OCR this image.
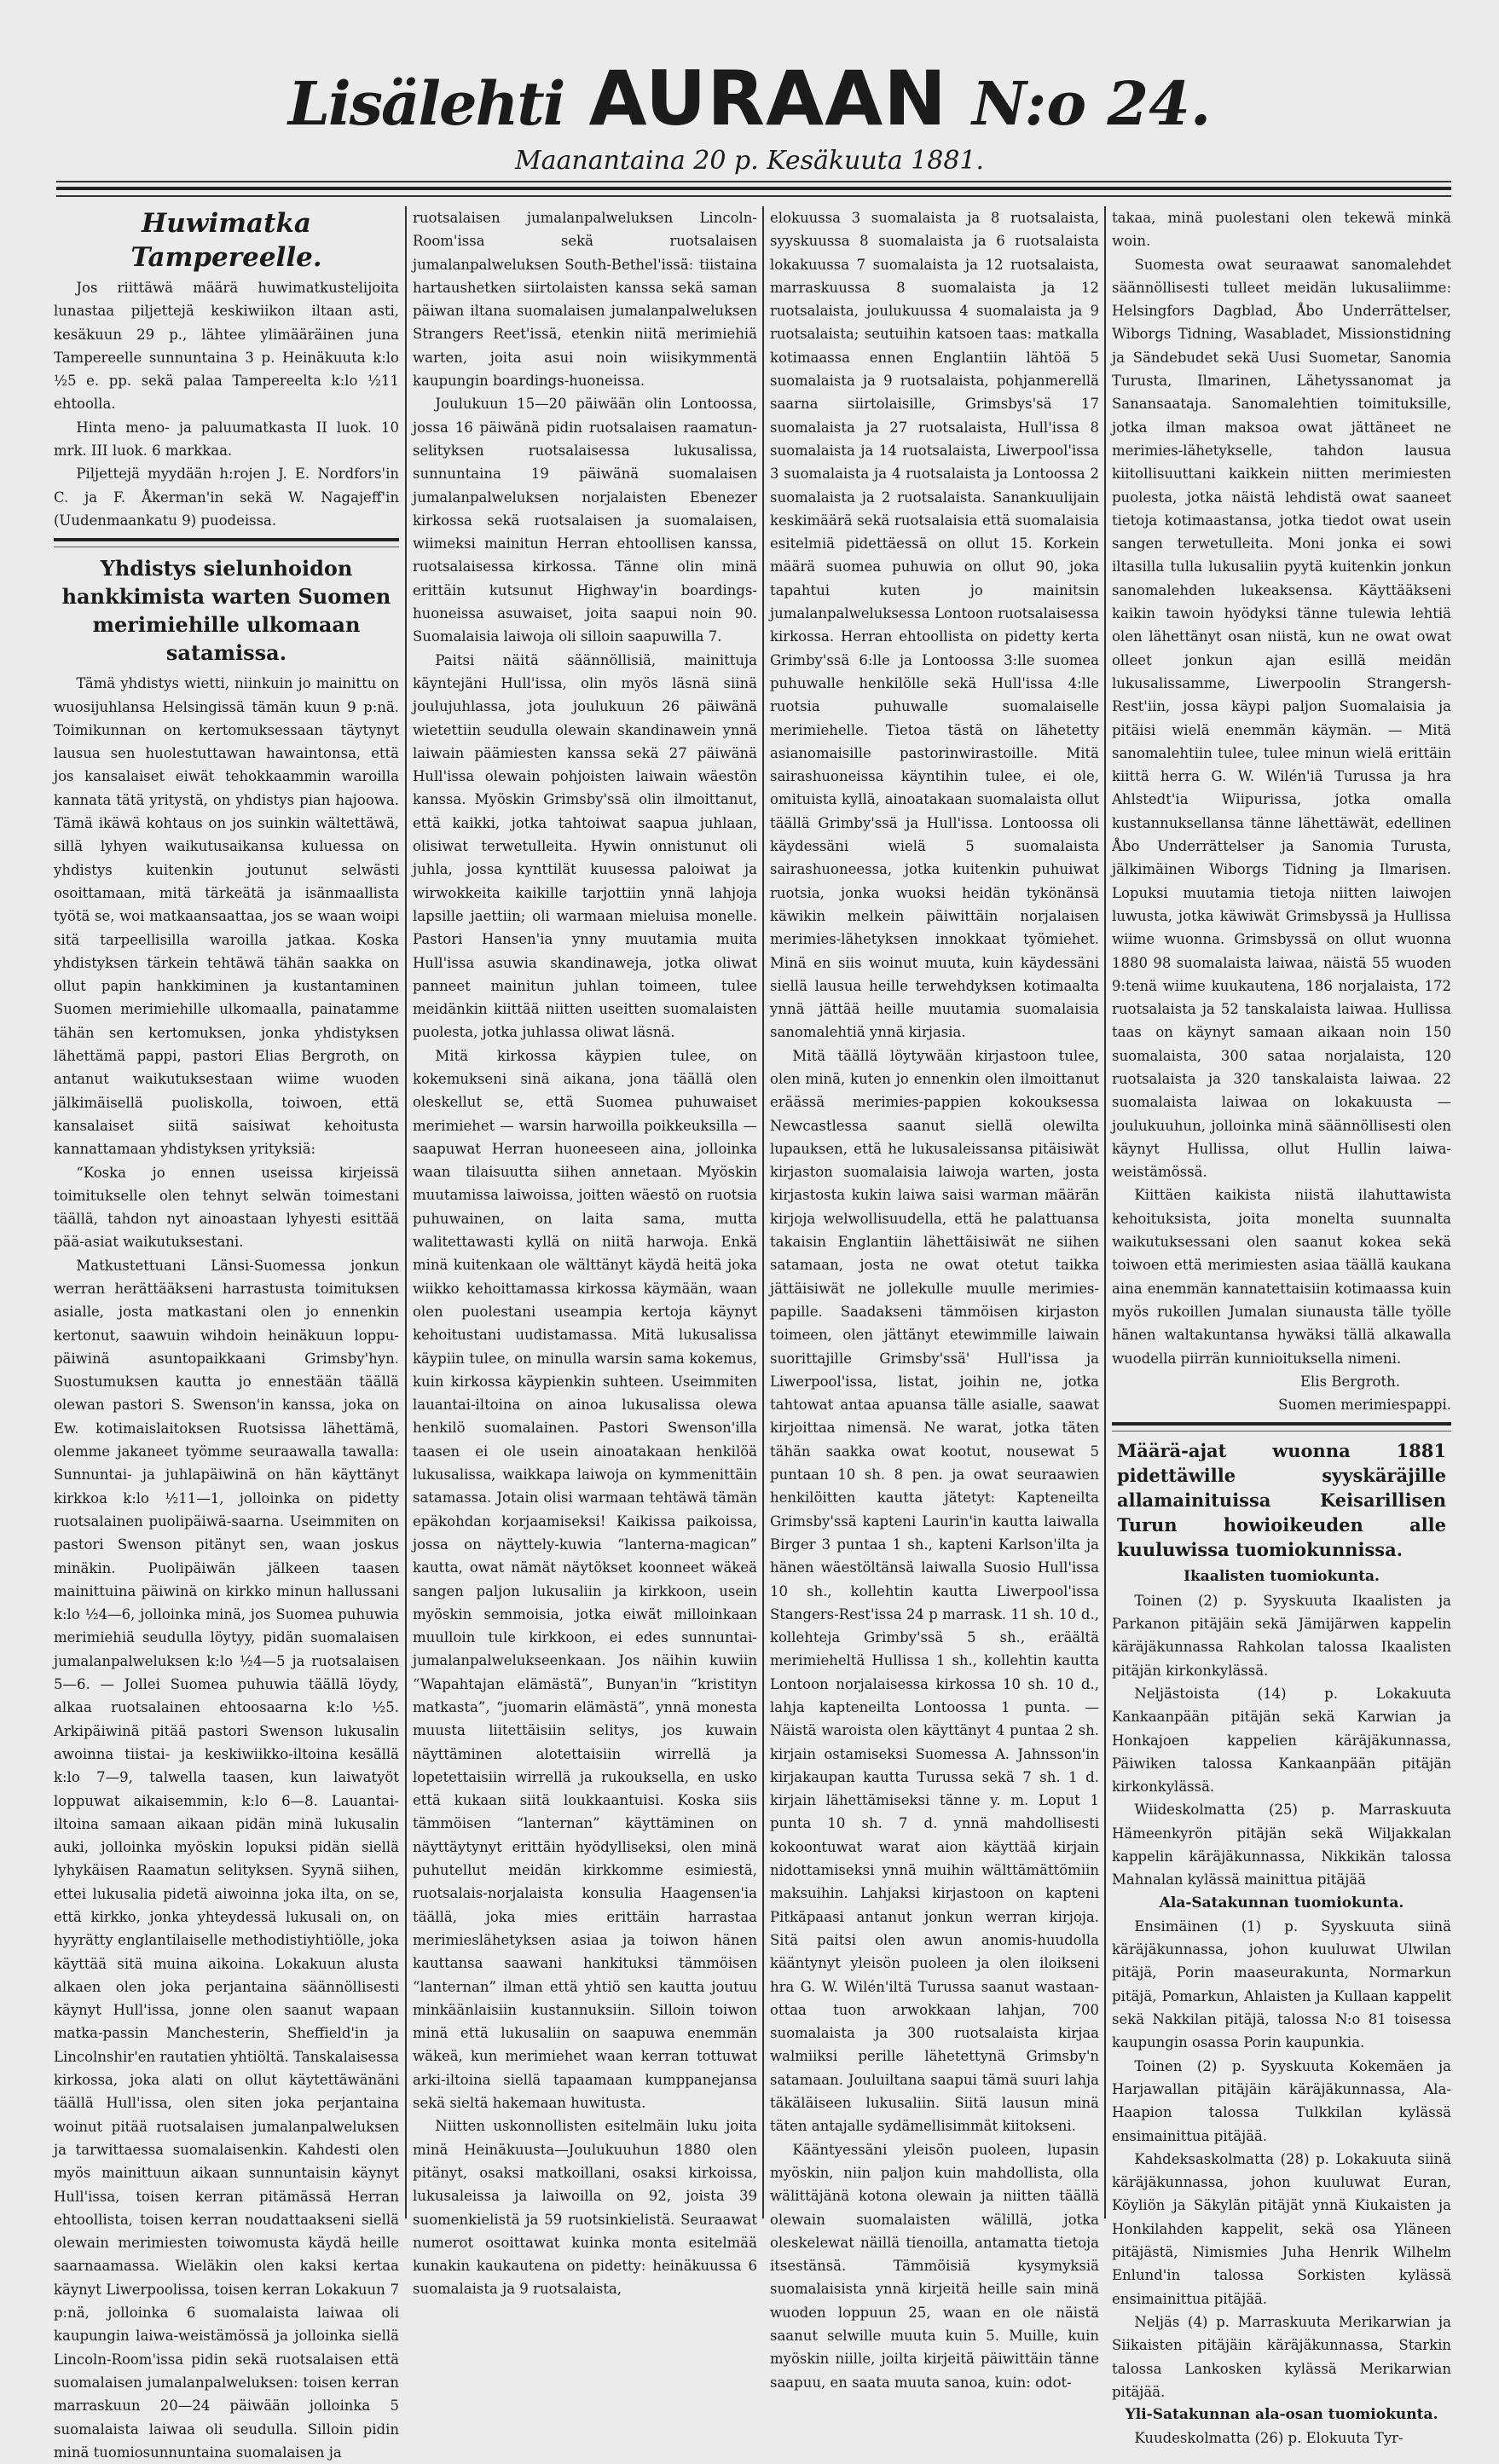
Lisälehti AURAAN N:o 24.
Maanantaina 20 p. Kesäkuuta 1881.
Huwimatka Tampereelle.

Jos riittäwä määrä huwimatkustelijoita lunastaa piljettejä keskiwiikon iltaan asti, kesäkuun 29 p., lähtee ylimääräinen juna Tampereelle sunnuntaina 3 p. Heinäkuuta k:lo ½5 e. pp. sekä palaa Tampereelta k:lo ½11 ehtoolla.

Hinta meno- ja paluumatkasta II luok. 10 mrk. III luok. 6 markkaa.

Piljettejä myydään h:rojen J. E. Nordfors'in C. ja F. Åkerman'in sekä W. Nagajeff'in (Uudenmaankatu 9) puodeissa.

Yhdistys sielunhoidon hankkimista warten Suomen merimiehille ulkomaan satamissa.

Tämä yhdistys wietti, niinkuin jo mainittu on wuosijuhlansa Helsingissä tämän kuun 9 p:nä. Toimikunnan on kertomuksessaan täytynyt lausua sen huolestuttawan hawaintonsa, että jos kansalaiset eiwät tehokkaammin waroilla kannata tätä yritystä, on yhdistys pian hajoowa. Tämä ikäwä kohtaus on jos suinkin wältettäwä, sillä lyhyen waikutusaikansa kuluessa on yhdistys kuitenkin joutunut selwästi osoittamaan, mitä tärkeätä ja isänmaallista työtä se, woi matkaansaattaa, jos se waan woipi sitä tarpeellisilla waroilla jatkaa. Koska yhdistyksen tärkein tehtäwä tähän saakka on ollut papin hankkiminen ja kustantaminen Suomen merimiehille ulkomaalla, painatamme tähän sen kertomuksen, jonka yhdistyksen lähettämä pappi, pastori Elias Bergroth, on antanut waikutuksestaan wiime wuoden jälkimäisellä puoliskolla, toiwoen, että kansalaiset siitä saisiwat kehoitusta kannattamaan yhdistyksen yrityksiä:

“Koska jo ennen useissa kirjeissä toimitukselle olen tehnyt selwän toimestani täällä, tahdon nyt ainoastaan lyhyesti esittää pää-asiat waikutuksestani.

Matkustettuani Länsi-Suomessa jonkun werran herättääkseni harrastusta toimituksen asialle, josta matkastani olen jo ennenkin kertonut, saawuin wihdoin heinäkuun loppu-päiwinä asuntopaikkaani Grimsby'hyn. Suostumuksen kautta jo ennestään täällä olewan pastori S. Swenson'in kanssa, joka on Ew. kotimaislaitoksen Ruotsissa lähettämä, olemme jakaneet työmme seuraawalla tawalla: Sunnuntai- ja juhlapäiwinä on hän käyttänyt kirkkoa k:lo ½11—1, jolloinka on pidetty ruotsalainen puolipäiwä-saarna. Useimmiten on pastori Swenson pitänyt sen, waan joskus minäkin. Puolipäiwän jälkeen taasen mainittuina päiwinä on kirkko minun hallussani k:lo ½4—6, jolloinka minä, jos Suomea puhuwia merimiehiä seudulla löytyy, pidän suomalaisen jumalanpalweluksen k:lo ½4—5 ja ruotsalaisen 5—6. — Jollei Suomea puhuwia täällä löydy, alkaa ruotsalainen ehtoosaarna k:lo ½5. Arkipäiwinä pitää pastori Swenson lukusalin awoinna tiistai- ja keskiwiikko-iltoina kesällä k:lo 7—9, talwella taasen, kun laiwatyöt loppuwat aikaisemmin, k:lo 6—8. Lauantai-iltoina samaan aikaan pidän minä lukusalin auki, jolloinka myöskin lopuksi pidän siellä lyhykäisen Raamatun selityksen. Syynä siihen, ettei lukusalia pidetä aiwoinna joka ilta, on se, että kirkko, jonka yhteydessä lukusali on, on hyyrätty englantilaiselle methodistiyhtiölle, joka käyttää sitä muina aikoina. Lokakuun alusta alkaen olen joka perjantaina säännöllisesti käynyt Hull'issa, jonne olen saanut wapaan matka-passin Manchesterin, Sheffield'in ja Lincolnshir'en rautatien yhtiöltä. Tanskalaisessa kirkossa, joka alati on ollut käytettäwänäni täällä Hull'issa, olen siten joka perjantaina woinut pitää ruotsalaisen jumalanpalweluksen ja tarwittaessa suomalaisenkin. Kahdesti olen myös mainittuun aikaan sunnuntaisin käynyt Hull'issa, toisen kerran pitämässä Herran ehtoollista, toisen kerran noudattaakseni siellä olewain merimiesten toiwomusta käydä heille saarnaamassa. Wieläkin olen kaksi kertaa käynyt Liwerpoolissa, toisen kerran Lokakuun 7 p:nä, jolloinka 6 suomalaista laiwaa oli kaupungin laiwa-weistämössä ja jolloinka siellä Lincoln-Room'issa pidin sekä ruotsalaisen että suomalaisen jumalanpalweluksen: toisen kerran marraskuun 20—24 päiwään jolloinka 5 suomalaista laiwaa oli seudulla. Silloin pidin minä tuomiosunnuntaina suomalaisen ja

ruotsalaisen jumalanpalweluksen Lincoln-Room'issa sekä ruotsalaisen jumalanpalweluksen South-Bethel'issä: tiistaina hartaushetken siirtolaisten kanssa sekä saman päiwan iltana suomalaisen jumalanpalweluksen Strangers Reet'issä, etenkin niitä merimiehiä warten, joita asui noin wiisikymmentä kaupungin boardings-huoneissa.

Joulukuun 15—20 päiwään olin Lontoossa, jossa 16 päiwänä pidin ruotsalaisen raamatun-selityksen ruotsalaisessa lukusalissa, sunnuntaina 19 päiwänä suomalaisen jumalanpalweluksen norjalaisten Ebenezer kirkossa sekä ruotsalaisen ja suomalaisen, wiimeksi mainitun Herran ehtoollisen kanssa, ruotsalaisessa kirkossa. Tänne olin minä erittäin kutsunut Highway'in boardings-huoneissa asuwaiset, joita saapui noin 90. Suomalaisia laiwoja oli silloin saapuwilla 7.

Paitsi näitä säännöllisiä, mainittuja käyntejäni Hull'issa, olin myös läsnä siinä joulujuhlassa, jota joulukuun 26 päiwänä wietettiin seudulla olewain skandinawein ynnä laiwain päämiesten kanssa sekä 27 päiwänä Hull'issa olewain pohjoisten laiwain wäestön kanssa. Myöskin Grimsby'ssä olin ilmoittanut, että kaikki, jotka tahtoiwat saapua juhlaan, olisiwat terwetulleita. Hywin onnistunut oli juhla, jossa kynttilät kuusessa paloiwat ja wirwokkeita kaikille tarjottiin ynnä lahjoja lapsille jaettiin; oli warmaan mieluisa monelle. Pastori Hansen'ia ynny muutamia muita Hull'issa asuwia skandinaweja, jotka oliwat panneet mainitun juhlan toimeen, tulee meidänkin kiittää niitten useitten suomalaisten puolesta, jotka juhlassa oliwat läsnä.

Mitä kirkossa käypien tulee, on kokemukseni sinä aikana, jona täällä olen oleskellut se, että Suomea puhuwaiset merimiehet — warsin harwoilla poikkeuksilla — saapuwat Herran huoneeseen aina, jolloinka waan tilaisuutta siihen annetaan. Myöskin muutamissa laiwoissa, joitten wäestö on ruotsia puhuwainen, on laita sama, mutta walitettawasti kyllä on niitä harwoja. Enkä minä kuitenkaan ole wälttänyt käydä heitä joka wiikko kehoittamassa kirkossa käymään, waan olen puolestani useampia kertoja käynyt kehoitustani uudistamassa. Mitä lukusalissa käypiin tulee, on minulla warsin sama kokemus, kuin kirkossa käypienkin suhteen. Useimmiten lauantai-iltoina on ainoa lukusalissa olewa henkilö suomalainen. Pastori Swenson'illa taasen ei ole usein ainoatakaan henkilöä lukusalissa, waikkapa laiwoja on kymmenittäin satamassa. Jotain olisi warmaan tehtäwä tämän epäkohdan korjaamiseksi! Kaikissa paikoissa, jossa on näyttely-kuwia “lanterna-magican” kautta, owat nämät näytökset koonneet wäkeä sangen paljon lukusaliin ja kirkkoon, usein myöskin semmoisia, jotka eiwät milloinkaan muulloin tule kirkkoon, ei edes sunnuntai-jumalanpalwelukseenkaan. Jos näihin kuwiin “Wapahtajan elämästä”, Bunyan'in “kristityn matkasta”, “juomarin elämästä”, ynnä monesta muusta liitettäisiin selitys, jos kuwain näyttäminen alotettaisiin wirrellä ja lopetettaisiin wirrellä ja rukouksella, en usko että kukaan siitä loukkaantuisi. Koska siis tämmöisen “lanternan” käyttäminen on näyttäytynyt erittäin hyödylliseksi, olen minä puhutellut meidän kirkkomme esimiestä, ruotsalais-norjalaista konsulia Haagensen'ia täällä, joka mies erittäin harrastaa merimieslähetyksen asiaa ja toiwon hänen kauttansa saawani hankituksi tämmöisen “lanternan” ilman että yhtiö sen kautta joutuu minkäänlaisiin kustannuksiin. Silloin toiwon minä että lukusaliin on saapuwa enemmän wäkeä, kun merimiehet waan kerran tottuwat arki-iltoina siellä tapaamaan kumppanejansa sekä sieltä hakemaan huwitusta.

Niitten uskonnollisten esitelmäin luku joita minä Heinäkuusta—Joulukuuhun 1880 olen pitänyt, osaksi matkoillani, osaksi kirkoissa, lukusaleissa ja laiwoilla on 92, joista 39 suomenkielistä ja 59 ruotsinkielistä. Seuraawat numerot osoittawat kuinka monta esitelmää kunakin kaukautena on pidetty: heinäkuussa 6 suomalaista ja 9 ruotsalaista,

elokuussa 3 suomalaista ja 8 ruotsalaista, syyskuussa 8 suomalaista ja 6 ruotsalaista lokakuussa 7 suomalaista ja 12 ruotsalaista, marraskuussa 8 suomalaista ja 12 ruotsalaista, joulukuussa 4 suomalaista ja 9 ruotsalaista; seutuihin katsoen taas: matkalla kotimaassa ennen Englantiin lähtöä 5 suomalaista ja 9 ruotsalaista, pohjanmerellä saarna siirtolaisille, Grimsbys'sä 17 suomalaista ja 27 ruotsalaista, Hull'issa 8 suomalaista ja 14 ruotsalaista, Liwerpool'issa 3 suomalaista ja 4 ruotsalaista ja Lontoossa 2 suomalaista ja 2 ruotsalaista. Sanankuulijain keskimäärä sekä ruotsalaisia että suomalaisia esitelmiä pidettäessä on ollut 15. Korkein määrä suomea puhuwia on ollut 90, joka tapahtui kuten jo mainitsin jumalanpalweluksessa Lontoon ruotsalaisessa kirkossa. Herran ehtoollista on pidetty kerta Grimby'ssä 6:lle ja Lontoossa 3:lle suomea puhuwalle henkilölle sekä Hull'issa 4:lle ruotsia puhuwalle suomalaiselle merimiehelle. Tietoa tästä on lähetetty asianomaisille pastorinwirastoille. Mitä sairashuoneissa käyntihin tulee, ei ole, omituista kyllä, ainoatakaan suomalaista ollut täällä Grimby'ssä ja Hull'issa. Lontoossa oli käydessäni wielä 5 suomalaista sairashuoneessa, jotka kuitenkin puhuiwat ruotsia, jonka wuoksi heidän tykönänsä käwikin melkein päiwittäin norjalaisen merimies-lähetyksen innokkaat työmiehet. Minä en siis woinut muuta, kuin käydessäni siellä lausua heille terwehdyksen kotimaalta ynnä jättää heille muutamia suomalaisia sanomalehtiä ynnä kirjasia.

Mitä täällä löytywään kirjastoon tulee, olen minä, kuten jo ennenkin olen ilmoittanut eräässä merimies-pappien kokouksessa Newcastlessa saanut siellä olewilta lupauksen, että he lukusaleissansa pitäisiwät kirjaston suomalaisia laiwoja warten, josta kirjastosta kukin laiwa saisi warman määrän kirjoja welwollisuudella, että he palattuansa takaisin Englantiin lähettäisiwät ne siihen satamaan, josta ne owat otetut taikka jättäisiwät ne jollekulle muulle merimies-papille. Saadakseni tämmöisen kirjaston toimeen, olen jättänyt etewimmille laiwain suorittajille Grimsby'ssä' Hull'issa ja Liwerpool'issa, listat, joihin ne, jotka tahtowat antaa apuansa tälle asialle, saawat kirjoittaa nimensä. Ne warat, jotka täten tähän saakka owat kootut, nousewat 5 puntaan 10 sh. 8 pen. ja owat seuraawien henkilöitten kautta jätetyt: Kapteneilta Grimsby'ssä kapteni Laurin'in kautta laiwalla Birger 3 puntaa 1 sh., kapteni Karlson'ilta ja hänen wäestöltänsä laiwalla Suosio Hull'issa 10 sh., kollehtin kautta Liwerpool'issa Stangers-Rest'issa 24 p marrask. 11 sh. 10 d., kollehteja Grimby'ssä 5 sh., eräältä merimieheltä Hullissa 1 sh., kollehtin kautta Lontoon norjalaisessa kirkossa 10 sh. 10 d., lahja kapteneilta Lontoossa 1 punta. — Näistä waroista olen käyttänyt 4 puntaa 2 sh. kirjain ostamiseksi Suomessa A. Jahnsson'in kirjakaupan kautta Turussa sekä 7 sh. 1 d. kirjain lähettämiseksi tänne y. m. Loput 1 punta 10 sh. 7 d. ynnä mahdollisesti kokoontuwat warat aion käyttää kirjain nidottamiseksi ynnä muihin wälttämättömiin maksuihin. Lahjaksi kirjastoon on kapteni Pitkäpaasi antanut jonkun werran kirjoja. Sitä paitsi olen awun anomis-huudolla kääntynyt yleisön puoleen ja olen iloikseni hra G. W. Wilén'iltä Turussa saanut wastaan-ottaa tuon arwokkaan lahjan, 700 suomalaista ja 300 ruotsalaista kirjaa walmiiksi perille lähetettynä Grimsby'n satamaan. Jouluiltana saapui tämä suuri lahja täkäläiseen lukusaliin. Siitä lausun minä täten antajalle sydämellisimmät kiitokseni.

Kääntyessäni yleisön puoleen, lupasin myöskin, niin paljon kuin mahdollista, olla wälittäjänä kotona olewain ja niitten täällä olewain suomalaisten wälillä, jotka oleskelewat näillä tienoilla, antamatta tietoja itsestänsä. Tämmöisiä kysymyksiä suomalaisista ynnä kirjeitä heille sain minä wuoden loppuun 25, waan en ole näistä saanut selwille muuta kuin 5. Muille, kuin myöskin niille, joilta kirjeitä päiwittäin tänne saapuu, en saata muuta sanoa, kuin: odot-

takaa, minä puolestani olen tekewä minkä woin.

Suomesta owat seuraawat sanomalehdet säännöllisesti tulleet meidän lukusaliimme: Helsingfors Dagblad, Åbo Underrättelser, Wiborgs Tidning, Wasabladet, Missionstidning ja Sändebudet sekä Uusi Suometar, Sanomia Turusta, Ilmarinen, Lähetyssanomat ja Sanansaataja. Sanomalehtien toimituksille, jotka ilman maksoa owat jättäneet ne merimies-lähetykselle, tahdon lausua kiitollisuuttani kaikkein niitten merimiesten puolesta, jotka näistä lehdistä owat saaneet tietoja kotimaastansa, jotka tiedot owat usein sangen terwetulleita. Moni jonka ei sowi iltasilla tulla lukusaliin pyytä kuitenkin jonkun sanomalehden lukeaksensa. Käyttääkseni kaikin tawoin hyödyksi tänne tulewia lehtiä olen lähettänyt osan niistä, kun ne owat owat olleet jonkun ajan esillä meidän lukusalissamme, Liwerpoolin Strangersh-Rest'iin, jossa käypi paljon Suomalaisia ja pitäisi wielä enemmän käymän. — Mitä sanomalehtiin tulee, tulee minun wielä erittäin kiittä herra G. W. Wilén'iä Turussa ja hra Ahlstedt'ia Wiipurissa, jotka omalla kustannuksellansa tänne lähettäwät, edellinen Åbo Underrättelser ja Sanomia Turusta, jälkimäinen Wiborgs Tidning ja Ilmarisen. Lopuksi muutamia tietoja niitten laiwojen luwusta, jotka käwiwät Grimsbyssä ja Hullissa wiime wuonna. Grimsbyssä on ollut wuonna 1880 98 suomalaista laiwaa, näistä 55 wuoden 9:tenä wiime kuukautena, 186 norjalaista, 172 ruotsalaista ja 52 tanskalaista laiwaa. Hullissa taas on käynyt samaan aikaan noin 150 suomalaista, 300 sataa norjalaista, 120 ruotsalaista ja 320 tanskalaista laiwaa. 22 suomalaista laiwaa on lokakuusta — joulukuuhun, jolloinka minä säännöllisesti olen käynyt Hullissa, ollut Hullin laiwa-weistämössä.

Kiittäen kaikista niistä ilahuttawista kehoituksista, joita monelta suunnalta waikutuksessani olen saanut kokea sekä toiwoen että merimiesten asiaa täällä kaukana aina enemmän kannatettaisiin kotimaassa kuin myös rukoillen Jumalan siunausta tälle työlle hänen waltakuntansa hywäksi tällä alkawalla wuodella piirrän kunnioituksella nimeni.

Elis Bergroth.
Suomen merimiespappi.
Määrä-ajat wuonna 1881 pidettäwille syyskäräjille allamainituissa Keisarillisen Turun howioikeuden alle kuuluwissa tuomiokunnissa.
Ikaalisten tuomiokunta.

Toinen (2) p. Syyskuuta Ikaalisten ja Parkanon pitäjäin sekä Jämijärwen kappelin käräjäkunnassa Rahkolan talossa Ikaalisten pitäjän kirkonkylässä.

Neljästoista (14) p. Lokakuuta Kankaanpään pitäjän sekä Karwian ja Honkajoen kappelien käräjäkunnassa, Päiwiken talossa Kankaanpään pitäjän kirkonkylässä.

Wiideskolmatta (25) p. Marraskuuta Hämeenkyrön pitäjän sekä Wiljakkalan kappelin käräjäkunnassa, Nikkikän talossa Mahnalan kylässä mainittua pitäjää

Ala-Satakunnan tuomiokunta.

Ensimäinen (1) p. Syyskuuta siinä käräjäkunnassa, johon kuuluwat Ulwilan pitäjä, Porin maaseurakunta, Normarkun pitäjä, Pomarkun, Ahlaisten ja Kullaan kappelit sekä Nakkilan pitäjä, talossa N:o 81 toisessa kaupungin osassa Porin kaupunkia.

Toinen (2) p. Syyskuuta Kokemäen ja Harjawallan pitäjäin käräjäkunnassa, Ala-Haapion talossa Tulkkilan kylässä ensimainittua pitäjää.

Kahdeksaskolmatta (28) p. Lokakuuta siinä käräjäkunnassa, johon kuuluwat Euran, Köyliön ja Säkylän pitäjät ynnä Kiukaisten ja Honkilahden kappelit, sekä osa Yläneen pitäjästä, Nimismies Juha Henrik Wilhelm Enlund'in talossa Sorkisten kylässä ensimainittua pitäjää.

Neljäs (4) p. Marraskuuta Merikarwian ja Siikaisten pitäjäin käräjäkunnassa, Starkin talossa Lankosken kylässä Merikarwian pitäjää.

Yli-Satakunnan ala-osan tuomiokunta.

Kuudeskolmatta (26) p. Elokuuta Tyr-
